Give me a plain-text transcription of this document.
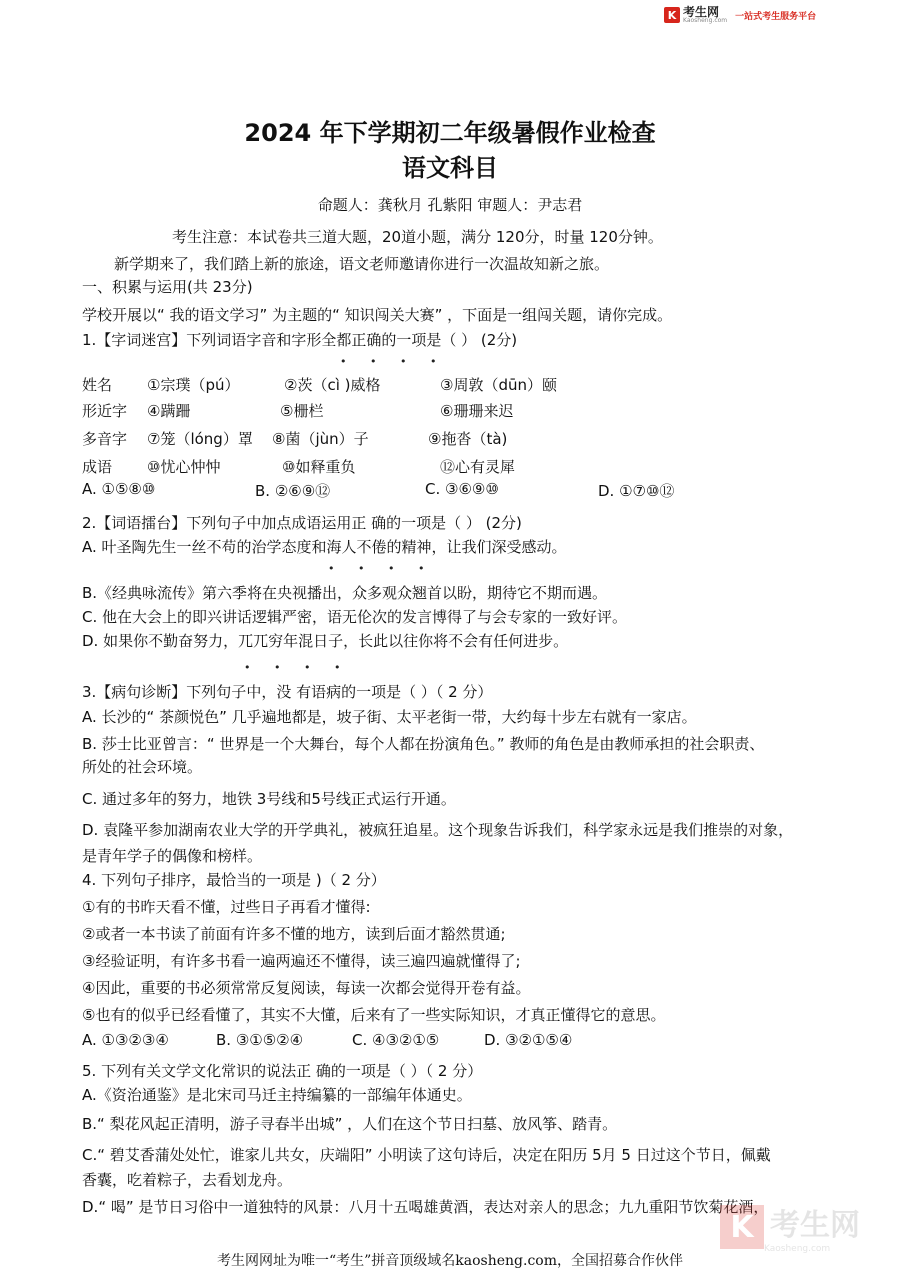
K 考生网
Kaosheng.com 一站式考生服务平台
2024 年下学期初二年级暑假作业检查
语文科目
命题人：龚秋月 孔紫阳 审题人：尹志君
考生注意：本试卷共三道大题，20道小题，满分 120分，时量 120分钟。
新学期来了，我们踏上新的旅途，语文老师邀请你进行一次温故知新之旅。
一、积累与运用(共 23分)
学校开展以“ 我的语文学习” 为主题的“ 知识闯关大赛” ，下面是一组闯关题，请你完成。
1.【字词迷宫】下列词语字音和字形全都正确的一项是（ ） (2分)
• • • •
姓名 ①宗璞（pú）	②茨（cì )威格	③周敦（dūn）颐
形近字 ④蹒跚	⑤栅栏	⑥珊珊来迟
多音字 ⑦笼（lóng）罩 ⑧菌（jùn）子	⑨拖沓（tà)
成语 ⑩忧心忡忡	⑩如释重负	⑫心有灵犀
A. ①⑤⑧⑩	B. ②⑥⑨⑫	C. ③⑥⑨⑩	D. ①⑦⑩⑫
2.【词语擂台】下列句子中加点成语运用正 确的一项是（ ） (2分)
A. 叶圣陶先生一丝不苟的治学态度和海人不倦的精神，让我们深受感动。
• • • •
B.《经典咏流传》第六季将在央视播出，众多观众翘首以盼，期待它不期而遇。
C. 他在大会上的即兴讲话逻辑严密，语无伦次的发言博得了与会专家的一致好评。
D. 如果你不勤奋努力，兀兀穷年混日子，长此以往你将不会有任何进步。
• • • •
3.【病句诊断】下列句子中，没 有语病的一项是（ ）（ 2 分）
A. 长沙的“ 茶颜悦色” 几乎遍地都是，坡子街、太平老街一带，大约每十步左右就有一家店。
B. 莎士比亚曾言：“ 世界是一个大舞台，每个人都在扮演角色。” 教师的角色是由教师承担的社会职责、
所处的社会环境。
C. 通过多年的努力，地铁 3号线和5号线正式运行开通。
D. 袁隆平参加湖南农业大学的开学典礼，被疯狂追星。这个现象告诉我们，科学家永远是我们推崇的对象，
是青年学子的偶像和榜样。
4. 下列句子排序，最恰当的一项是 )（ 2 分）
①有的书昨天看不懂，过些日子再看才懂得:
②或者一本书读了前面有许多不懂的地方，读到后面才豁然贯通;
③经验证明，有许多书看一遍两遍还不懂得，读三遍四遍就懂得了;
④因此，重要的书必须常常反复阅读，每读一次都会觉得开卷有益。
⑤也有的似乎已经看懂了，其实不大懂，后来有了一些实际知识，才真正懂得它的意思。
A. ①③②③④	B. ③①⑤②④	C. ④③②①⑤	D. ③②①⑤④
5. 下列有关文学文化常识的说法正 确的一项是（ ）（ 2 分）
A.《资治通鉴》是北宋司马迁主持编纂的一部编年体通史。
B.“ 梨花风起正清明，游子寻春半出城” ，人们在这个节日扫墓、放风筝、踏青。
C.“ 碧艾香蒲处处忙，谁家儿共女，庆端阳” 小明读了这句诗后，决定在阳历 5月 5 日过这个节日，佩戴
香囊，吃着粽子，去看划龙舟。
D.“ 喝” 是节日习俗中一道独特的风景：八月十五喝雄黄酒，表达对亲人的思念；九九重阳节饮菊花酒，
K 考生网
Kaosheng.com
考生网网址为唯一“考生”拼音顶级域名kaosheng.com，全国招募合作伙伴
